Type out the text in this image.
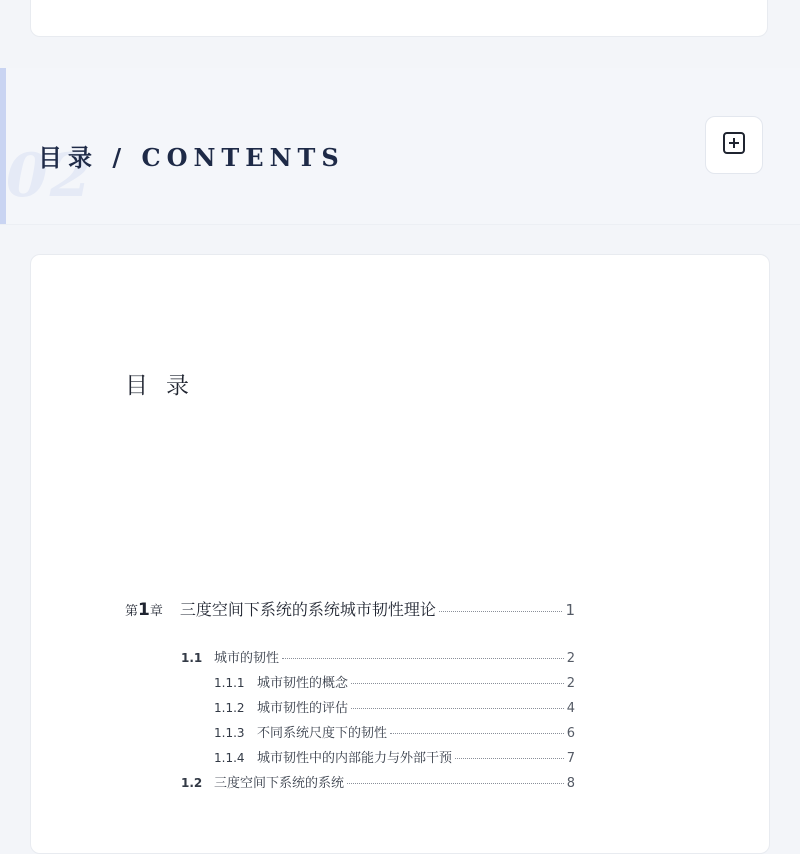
02
目录 / CONTENTS
目录
第 1 章 三度空间下系统的系统城市韧性理论	1
1.1 城市的韧性	2
1.1.1 城市韧性的概念	2
1.1.2 城市韧性的评估	4
1.1.3 不同系统尺度下的韧性	6
1.1.4 城市韧性中的内部能力与外部干预	7
1.2 三度空间下系统的系统	8
